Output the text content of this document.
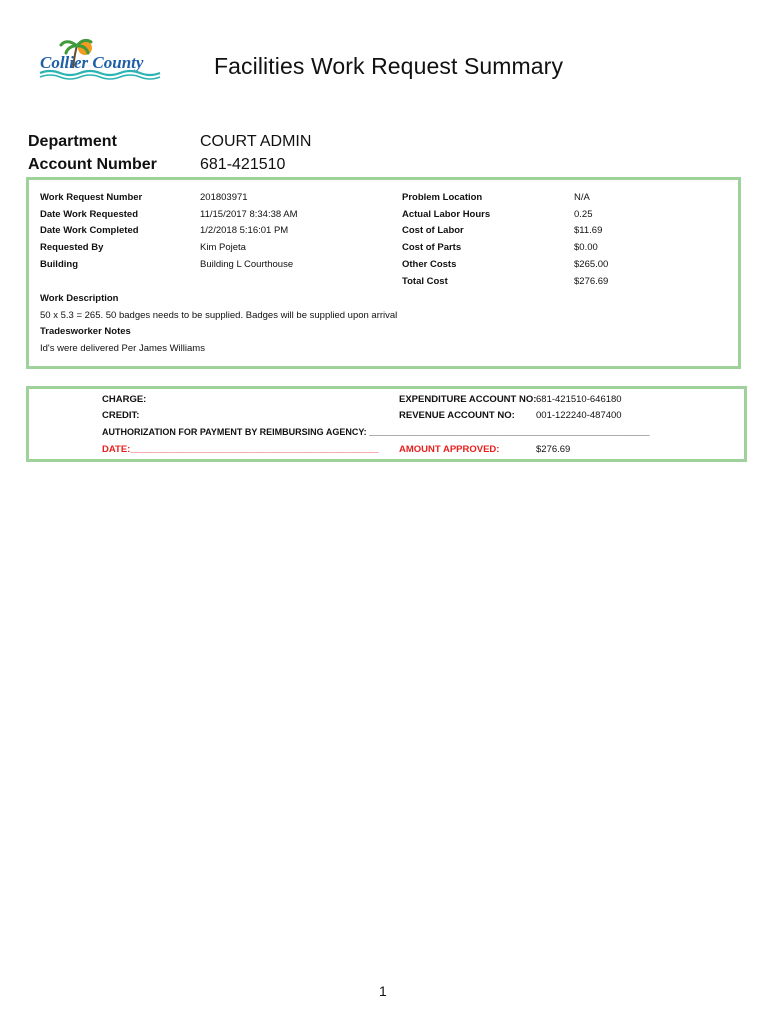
Collier County	Facilities Work Request Summary
Department	COURT ADMIN
Account Number	681-421510
Work Request Number	201803971
Date Work Requested	11/15/2017 8:34:38 AM
Date Work Completed	1/2/2018 5:16:01 PM
Requested By	Kim Pojeta
Building	Building L Courthouse
Problem Location	N/A
Actual Labor Hours	0.25
Cost of Labor	$11.69
Cost of Parts	$0.00
Other Costs	$265.00
Total Cost	$276.69
Work Description
50 x 5.3 = 265. 50 badges needs to be supplied. Badges will be supplied upon arrival
Tradesworker Notes
Id's were delivered Per James Williams
CHARGE:
CREDIT:
AUTHORIZATION FOR PAYMENT BY REIMBURSING AGENCY: ________________________________________________________
DATE:_______________________________________________
EXPENDITURE ACCOUNT NO: 681-421510-646180
REVENUE ACCOUNT NO: 001-122240-487400
AMOUNT APPROVED:	$276.69
1
